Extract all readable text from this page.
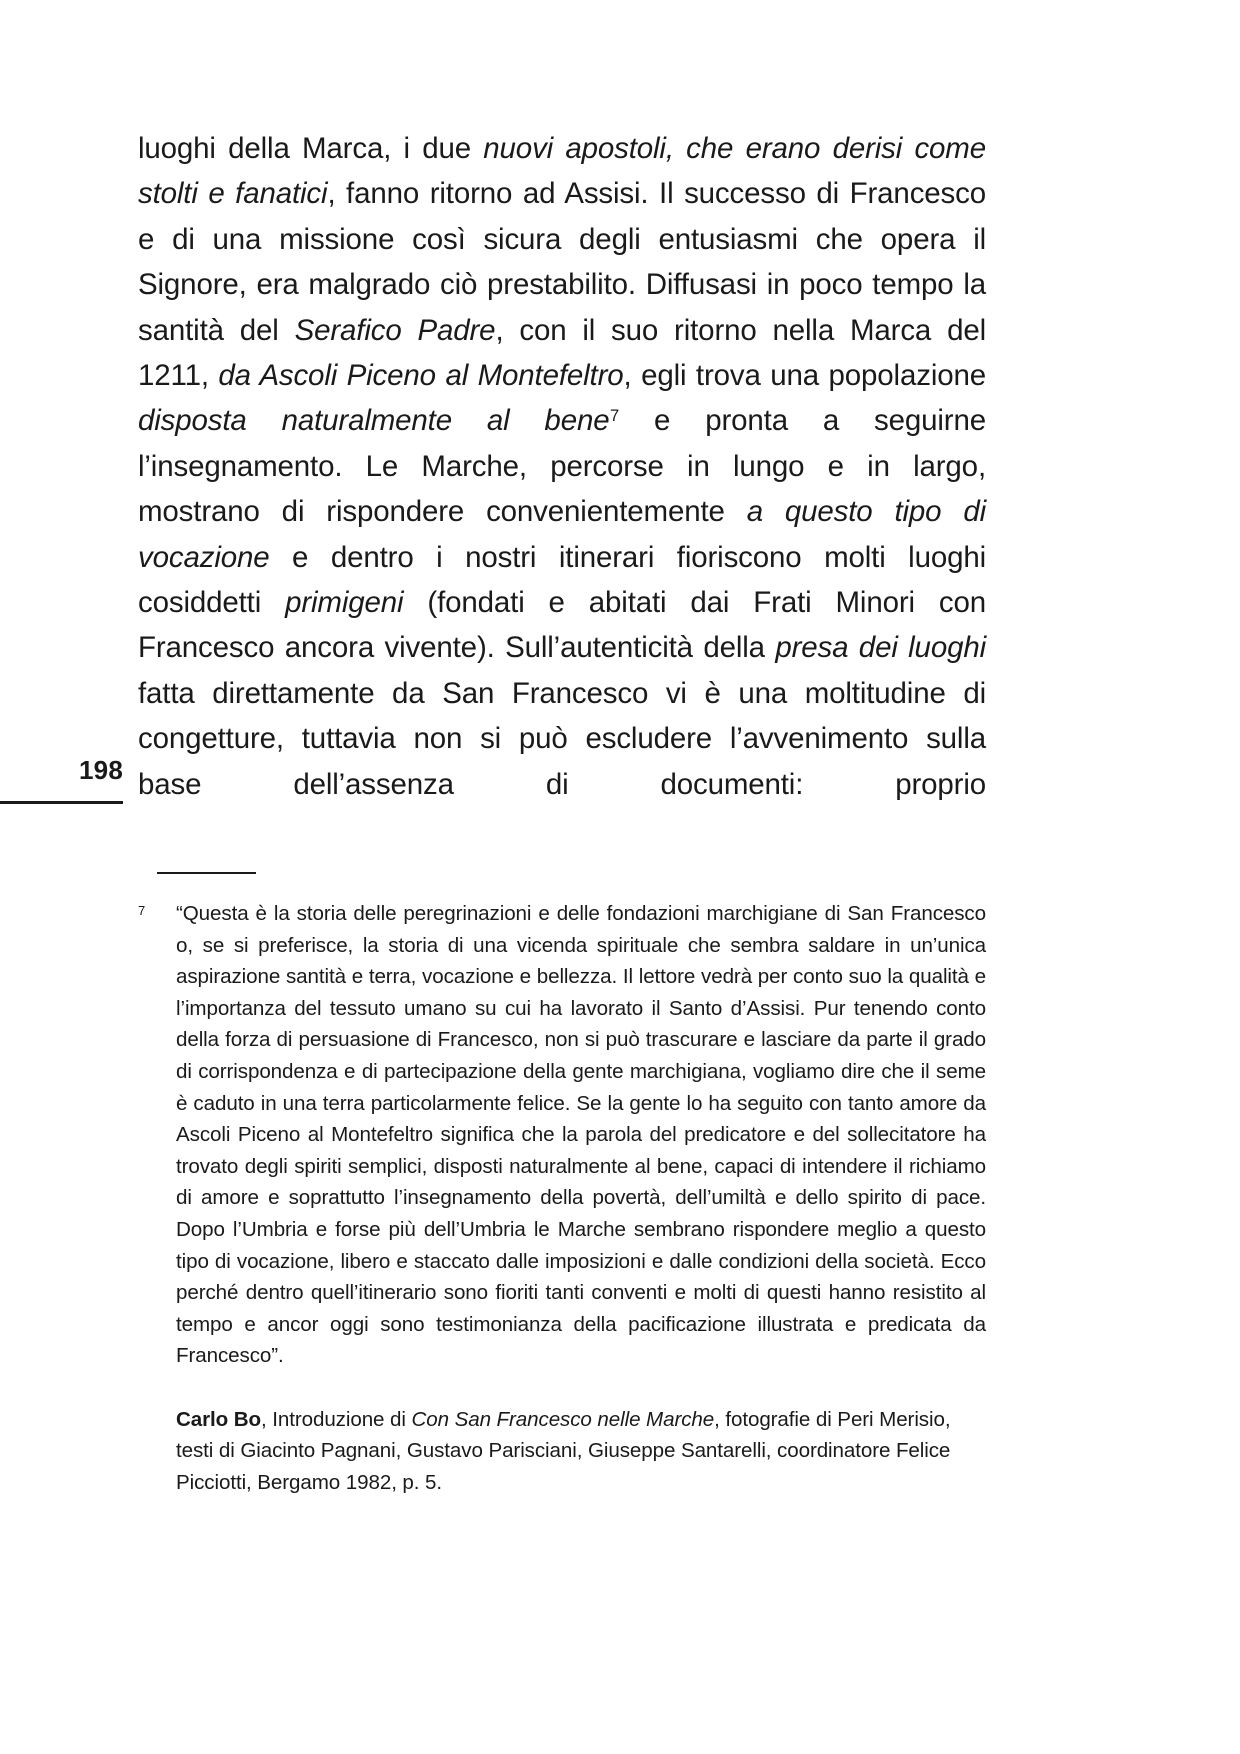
luoghi della Marca, i due nuovi apostoli, che erano derisi come stolti e fanatici, fanno ritorno ad Assisi. Il successo di Francesco e di una missione così sicura degli entusiasmi che opera il Signore, era malgrado ciò prestabilito. Diffusasi in poco tempo la santità del Serafico Padre, con il suo ritorno nella Marca del 1211, da Ascoli Piceno al Montefeltro, egli trova una popolazione disposta naturalmente al bene$^7$ e pronta a seguirne l’insegnamento. Le Marche, percorse in lungo e in largo, mostrano di rispondere convenientemente a questo tipo di vocazione e dentro i nostri itinerari fioriscono molti luoghi cosiddetti primigeni (fondati e abitati dai Frati Minori con Francesco ancora vivente). Sull’autenticità della presa dei luoghi fatta direttamente da San Francesco vi è una moltitudine di congetture, tuttavia non si può escludere l’avvenimento sulla base dell’assenza di documenti: proprio

198
7	“Questa è la storia delle peregrinazioni e delle fondazioni marchigiane di San Francesco o, se si preferisce, la storia di una vicenda spirituale che sembra saldare in un’unica aspirazione santità e terra, vocazione e bellezza. Il lettore vedrà per conto suo la qualità e l’importanza del tessuto umano su cui ha lavorato il Santo d’Assisi. Pur tenendo conto della forza di persuasione di Francesco, non si può trascurare e lasciare da parte il grado di corrispondenza e di partecipazione della gente marchigiana, vogliamo dire che il seme è caduto in una terra particolarmente felice. Se la gente lo ha seguito con tanto amore da Ascoli Piceno al Montefeltro significa che la parola del predicatore e del sollecitatore ha trovato degli spiriti semplici, disposti naturalmente al bene, capaci di intendere il richiamo di amore e soprattutto l’insegnamento della povertà, dell’umiltà e dello spirito di pace. Dopo l’Umbria e forse più dell’Umbria le Marche sembrano rispondere meglio a questo tipo di vocazione, libero e staccato dalle imposizioni e dalle condizioni della società. Ecco perché dentro quell’itinerario sono fioriti tanti conventi e molti di questi hanno resistito al tempo e ancor oggi sono testimonianza della pacificazione illustrata e predicata da Francesco”.

Carlo Bo, Introduzione di Con San Francesco nelle Marche, fotografie di Peri Merisio, testi di Giacinto Pagnani, Gustavo Parisciani, Giuseppe Santarelli, coordinatore Felice Picciotti, Bergamo 1982, p. 5.
